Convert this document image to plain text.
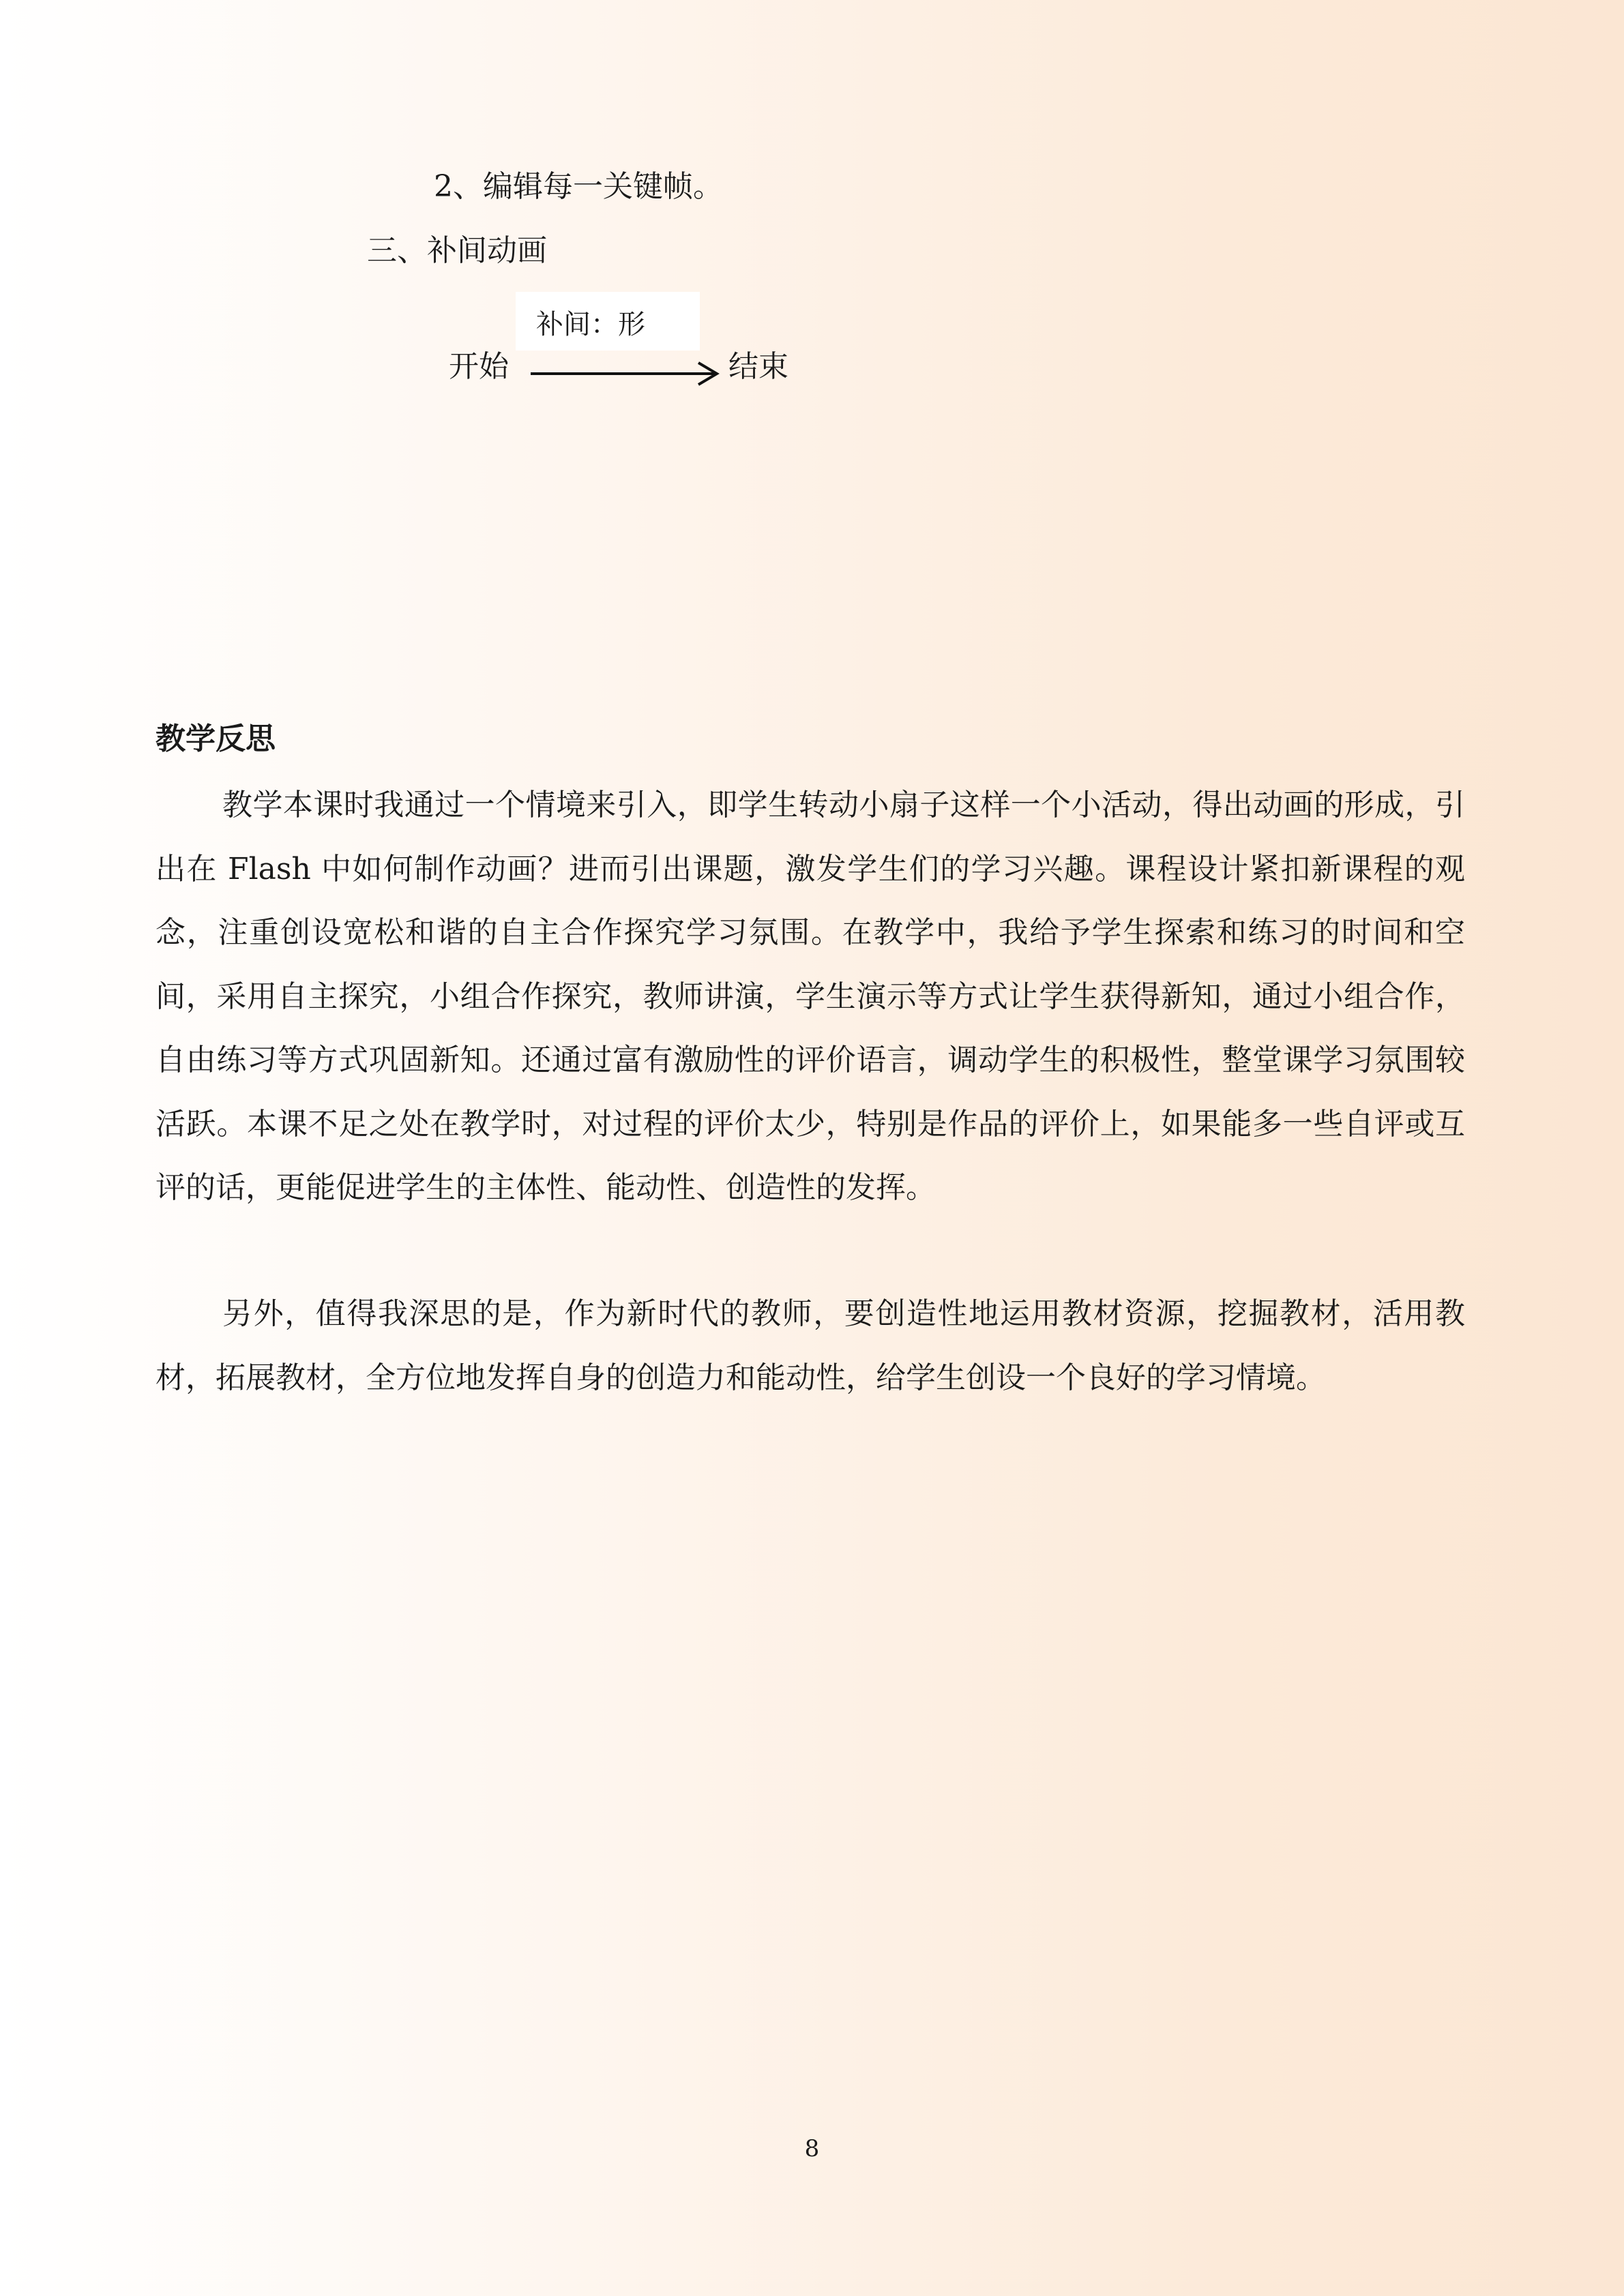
2、编辑每一关键帧。
三、补间动画
补间：形
开始	结束
教学反思

教学本课时我通过一个情境来引入，即学生转动小扇子这样一个小活动，得出动画的形成，引出在 Flash 中如何制作动画？进而引出课题，激发学生们的学习兴趣。课程设计紧扣新课程的观念，注重创设宽松和谐的自主合作探究学习氛围。在教学中，我给予学生探索和练习的时间和空间，采用自主探究，小组合作探究，教师讲演，学生演示等方式让学生获得新知，通过小组合作，自由练习等方式巩固新知。还通过富有激励性的评价语言，调动学生的积极性，整堂课学习氛围较活跃。本课不足之处在教学时，对过程的评价太少，特别是作品的评价上，如果能多一些自评或互评的话，更能促进学生的主体性、能动性、创造性的发挥。

另外，值得我深思的是，作为新时代的教师，要创造性地运用教材资源，挖掘教材，活用教材，拓展教材，全方位地发挥自身的创造力和能动性，给学生创设一个良好的学习情境。

8
